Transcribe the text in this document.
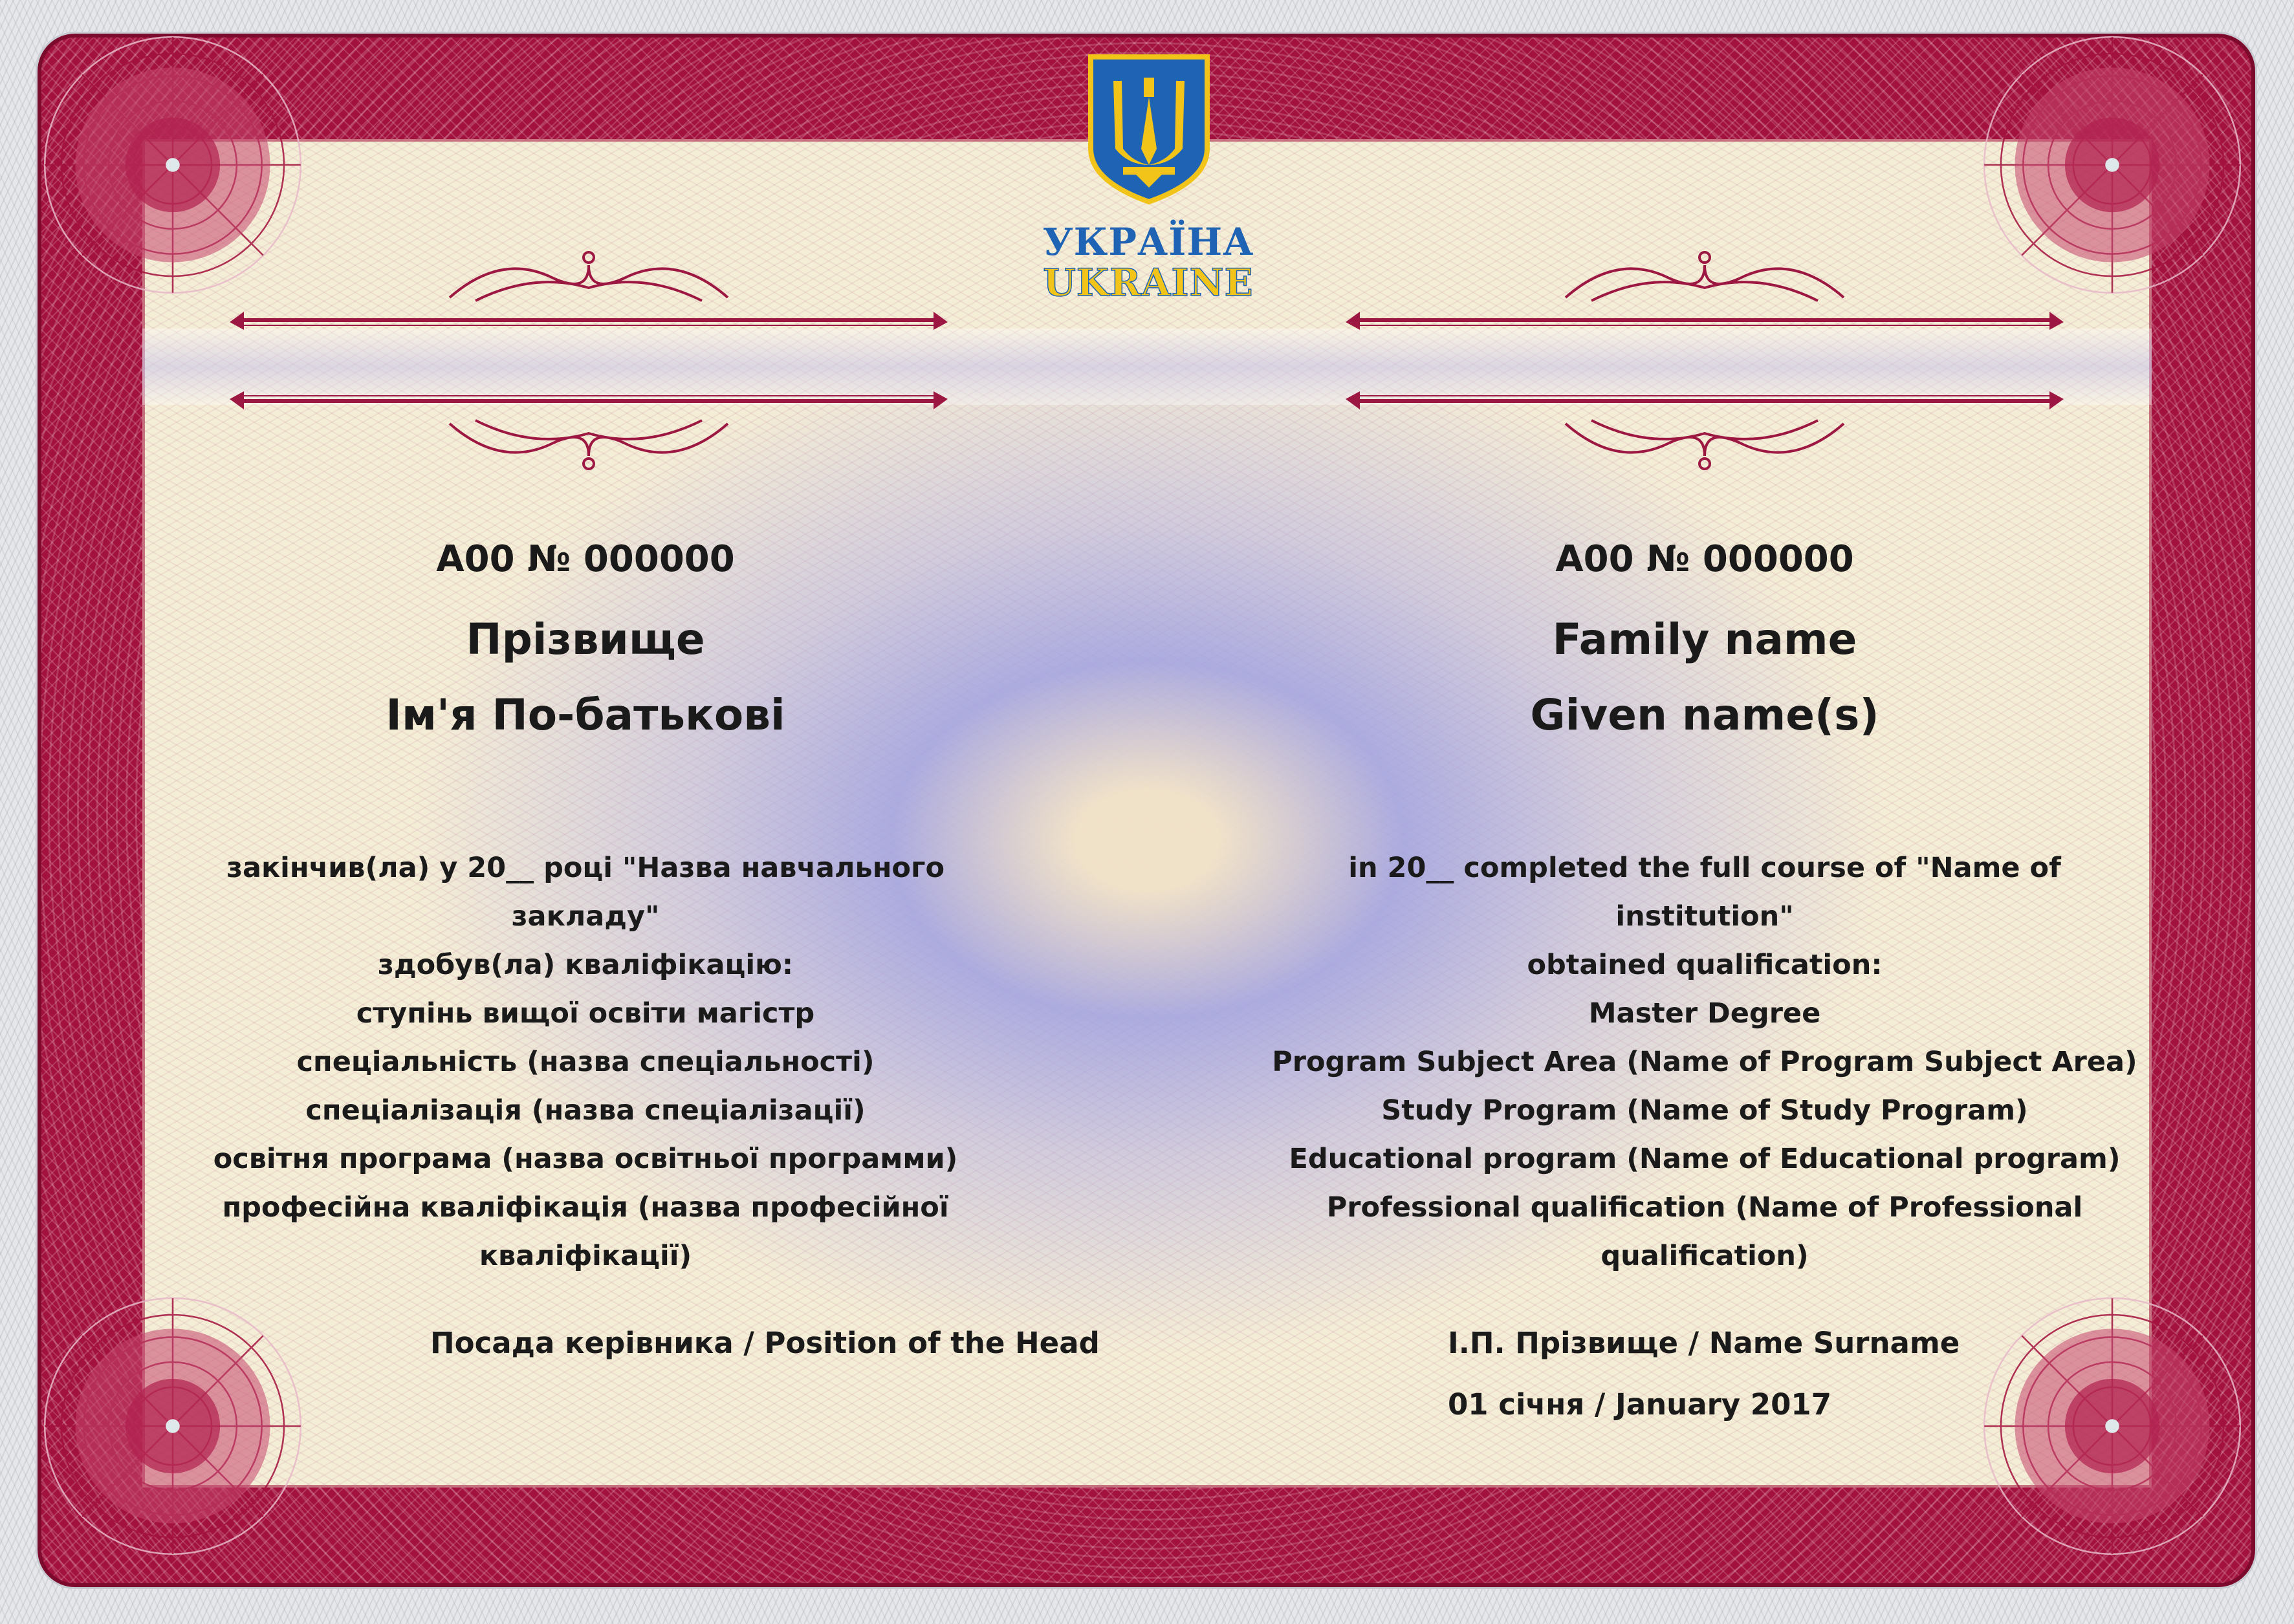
УКРАЇНА
UKRAINE
A00 № 000000
Прізвище
Ім'я По-батькові
закінчив(ла) у 20__ році "Назва навчального закладу"
здобув(ла) кваліфікацію:
ступінь вищої освіти магістр
спеціальність (назва спеціальності)
спеціалізація (назва спеціалізації)
освітня програма (назва освітньої программи)
професійна кваліфікація (назва професійної кваліфікації)
A00 № 000000
Family name
Given name(s)
in 20__ completed the full course of "Name of institution"
obtained qualification:
Master Degree
Program Subject Area (Name of Program Subject Area)
Study Program (Name of Study Program)
Educational program (Name of Educational program)
Professional qualification (Name of Professional
qualification)
Посада керівника / Position of the Head	І.П. Прізвище / Name Surname
01 січня / January 2017
